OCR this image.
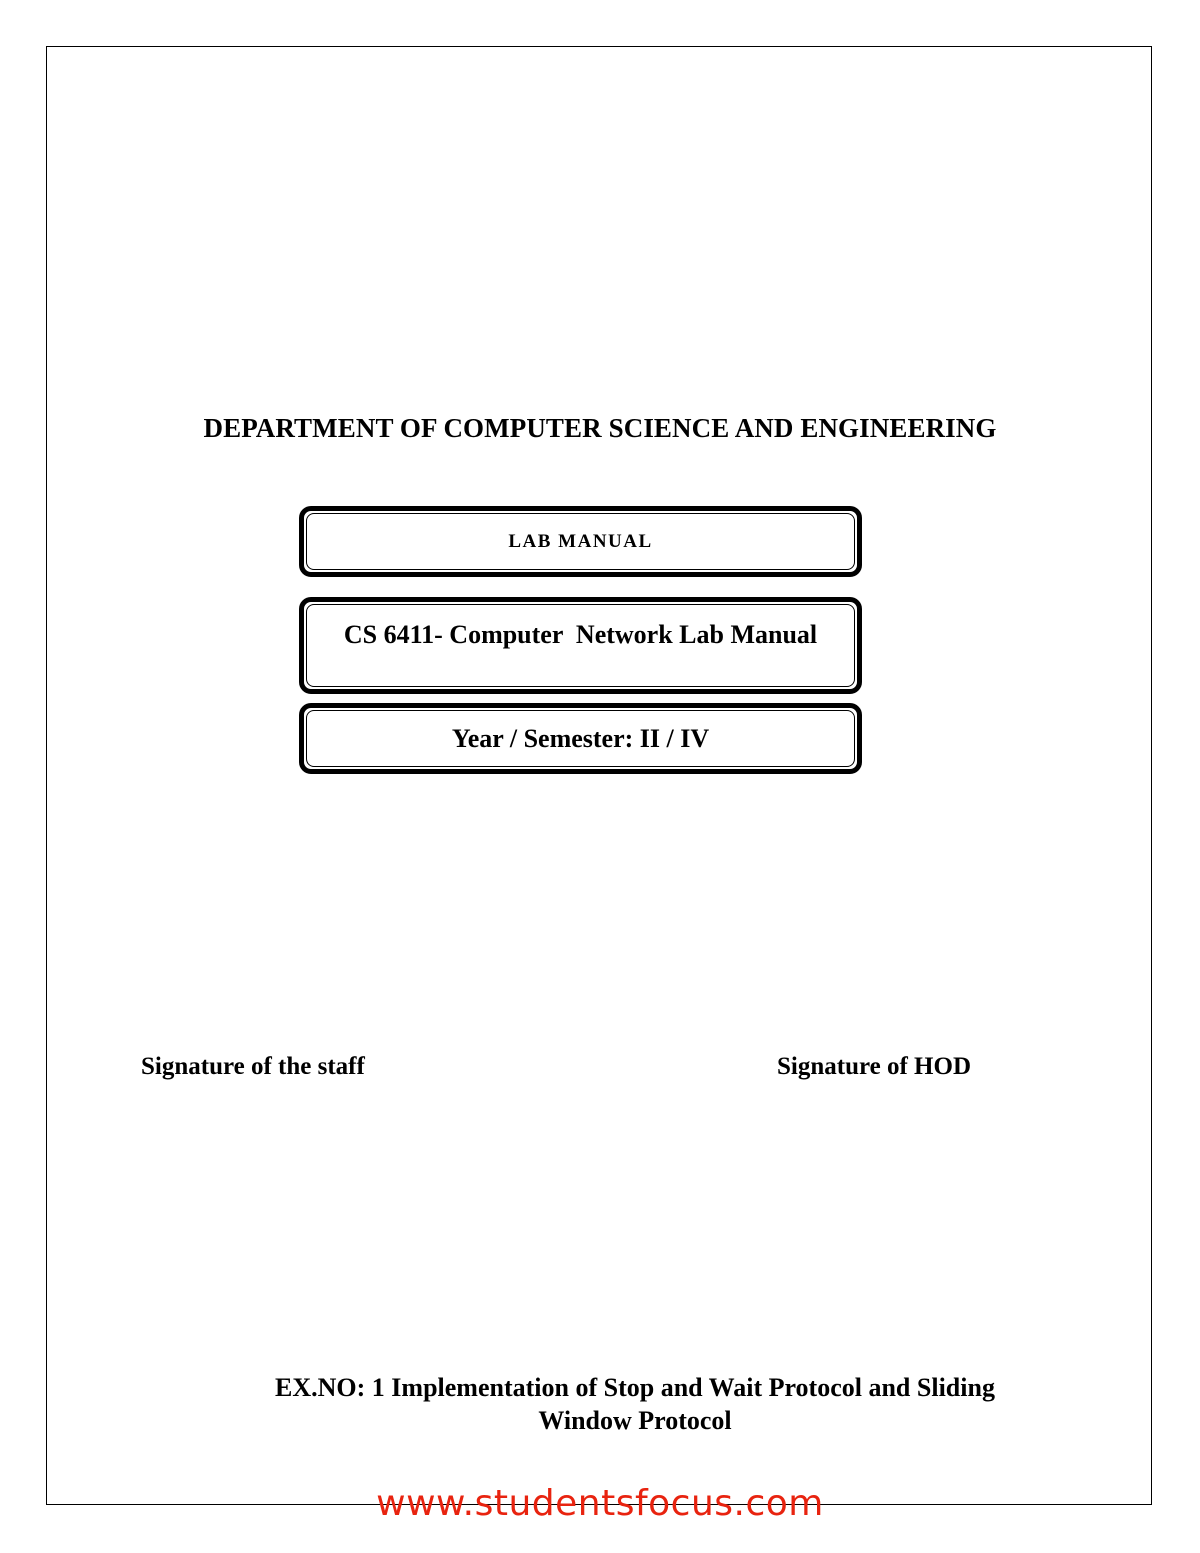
DEPARTMENT OF COMPUTER SCIENCE AND ENGINEERING
LAB MANUAL
CS 6411- Computer  Network Lab Manual
Year / Semester: II / IV
Signature of the staff	Signature of HOD
EX.NO: 1 Implementation of Stop and Wait Protocol and Sliding
Window Protocol
www.studentsfocus.com
